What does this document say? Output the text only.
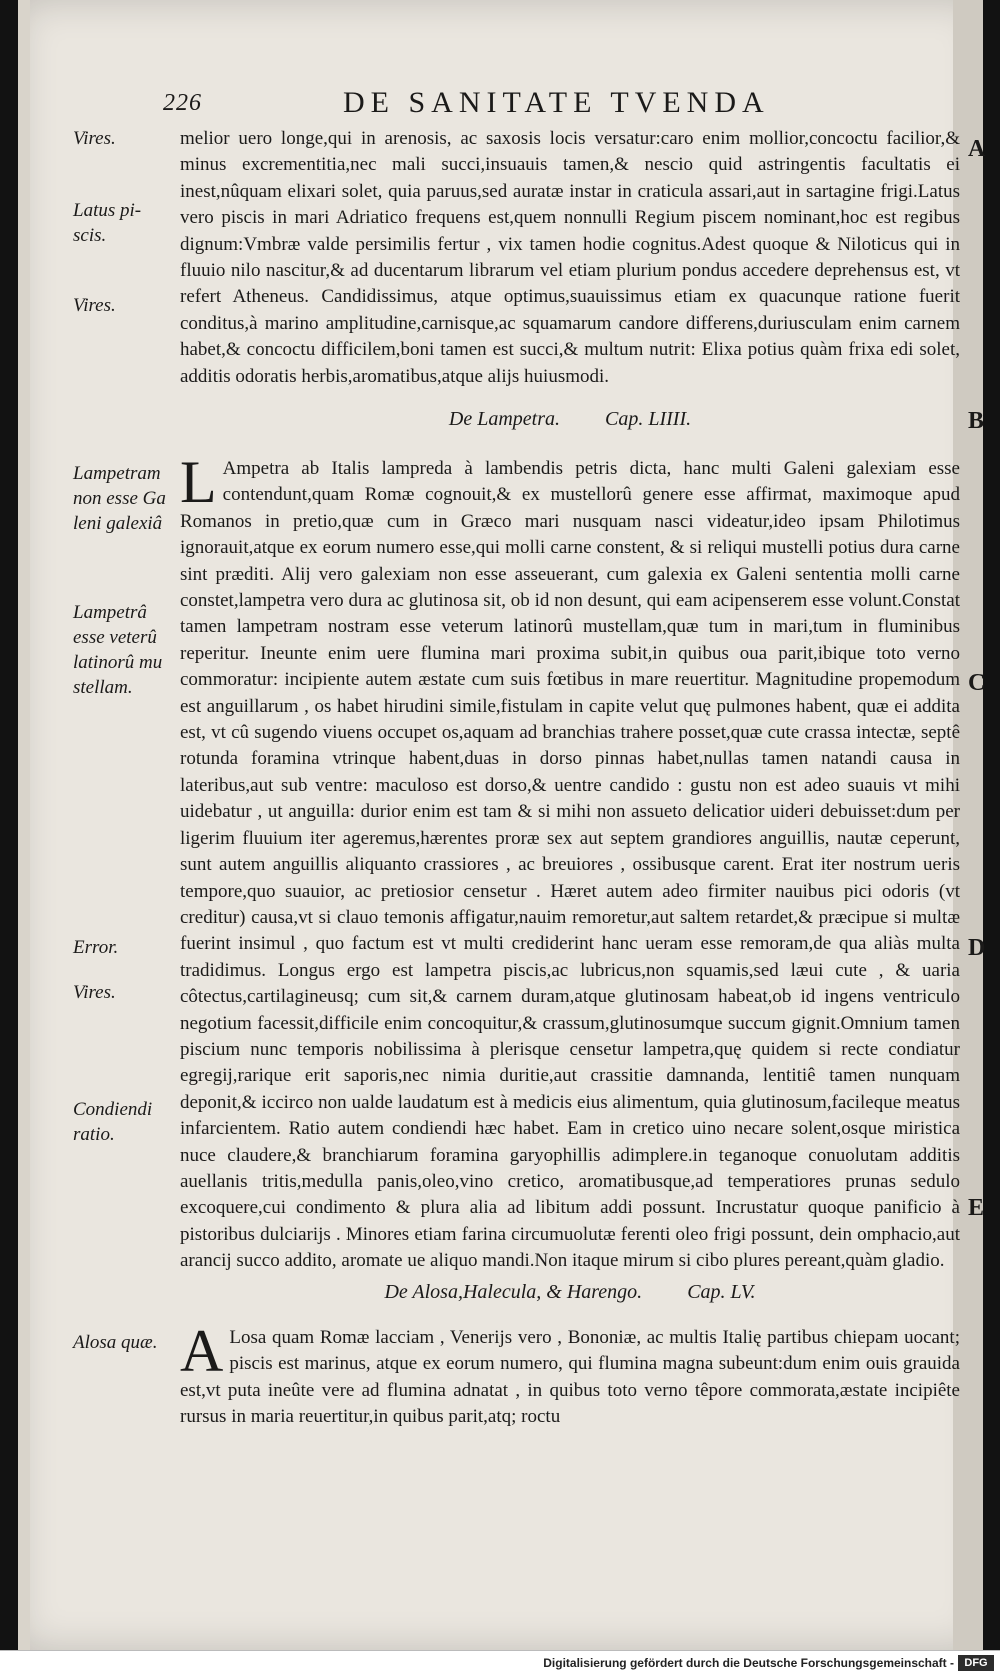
226	DE SANITATE TVENDA

melior uero longe,qui in arenosis, ac saxosis locis versatur:caro enim mollior,concoctu facilior,& minus excrementitia,nec mali succi,insuauis tamen,& nescio quid astringentis facultatis ei inest,nûquam elixari solet, quia paruus,sed auratæ instar in craticula assari,aut in sartagine frigi.Latus vero piscis in mari Adriatico frequens est,quem nonnulli Regium piscem nominant,hoc est regibus dignum:Vmbræ valde persimilis fertur , vix tamen hodie cognitus.Adest quoque & Niloticus qui in fluuio nilo nascitur,& ad ducentarum librarum vel etiam plurium pondus accedere deprehensus est, vt refert Atheneus. Candidissimus, atque optimus,suauissimus etiam ex quacunque ratione fuerit conditus,à marino amplitudine,carnisque,ac squamarum candore differens,duriusculam enim carnem habet,& concoctu difficilem,boni tamen est succi,& multum nutrit: Elixa potius quàm frixa edi solet, additis odoratis herbis,aromatibus,atque alijs huiusmodi.

De Lampetra. Cap. LIIII.

L Ampetra ab Italis lampreda à lambendis petris dicta, hanc multi Galeni galexiam esse contendunt,quam Romæ cognouit,& ex mustellorû genere esse affirmat, maximoque apud Romanos in pretio,quæ cum in Græco mari nusquam nasci videatur,ideo ipsam Philotimus ignorauit,atque ex eorum numero esse,qui molli carne constent, & si reliqui mustelli potius dura carne sint præditi. Alij vero galexiam non esse asseuerant, cum galexia ex Galeni sententia molli carne constet,lampetra vero dura ac glutinosa sit, ob id non desunt, qui eam acipenserem esse volunt.Constat tamen lampetram nostram esse veterum latinorû mustellam,quæ tum in mari,tum in fluminibus reperitur. Ineunte enim uere flumina mari proxima subit,in quibus oua parit,ibique toto verno commoratur: incipiente autem æstate cum suis fœtibus in mare reuertitur. Magnitudine propemodum est anguillarum , os habet hirudini simile,fistulam in capite velut quę pulmones habent, quæ ei addita est, vt cû sugendo viuens occupet os,aquam ad branchias trahere posset,quæ cute crassa intectæ, septê rotunda foramina vtrinque habent,duas in dorso pinnas habet,nullas tamen natandi causa in lateribus,aut sub ventre: maculoso est dorso,& uentre candido : gustu non est adeo suauis vt mihi uidebatur , ut anguilla: durior enim est tam & si mihi non assueto delicatior uideri debuisset:dum per ligerim fluuium iter ageremus,hærentes proræ sex aut septem grandiores anguillis, nautæ ceperunt, sunt autem anguillis aliquanto crassiores , ac breuiores , ossibusque carent. Erat iter nostrum ueris tempore,quo suauior, ac pretiosior censetur . Hæret autem adeo firmiter nauibus pici odoris (vt creditur) causa,vt si clauo temonis affigatur,nauim remoretur,aut saltem retardet,& præcipue si multæ fuerint insimul , quo factum est vt multi crediderint hanc ueram esse remoram,de qua aliàs multa tradidimus. Longus ergo est lampetra piscis,ac lubricus,non squamis,sed læui cute , & uaria côtectus,cartilagineusq; cum sit,& carnem duram,atque glutinosam habeat,ob id ingens ventriculo negotium facessit,difficile enim concoquitur,& crassum,glutinosumque succum gignit.Omnium tamen piscium nunc temporis nobilissima à plerisque censetur lampetra,quę quidem si recte condiatur egregij,rarique erit saporis,nec nimia duritie,aut crassitie damnanda, lentitiê tamen nunquam deponit,& iccirco non ualde laudatum est à medicis eius alimentum, quia glutinosum,facileque meatus infarcientem. Ratio autem condiendi hæc habet. Eam in cretico uino necare solent,osque miristica nuce claudere,& branchiarum foramina garyophillis adimplere.in teganoque conuolutam additis auellanis tritis,medulla panis,oleo,vino cretico, aromatibusque,ad temperatiores prunas sedulo excoquere,cui condimento & plura alia ad libitum addi possunt. Incrustatur quoque panificio à pistoribus dulciarijs . Minores etiam farina circumuolutæ ferenti oleo frigi possunt, dein omphacio,aut arancij succo addito, aromate ue aliquo mandi.Non itaque mirum si cibo plures pereant,quàm gladio.

De Alosa,Halecula, & Harengo. Cap. LV.

A Losa quam Romæ lacciam , Venerijs vero , Bononiæ, ac multis Italię partibus chiepam uocant; piscis est marinus, atque ex eorum numero, qui flumina magna subeunt:dum enim ouis grauida est,vt puta ineûte vere ad flumina adnatat , in quibus toto verno têpore commorata,æstate incipiête rursus in maria reuertitur,in quibus parit,atq; roctu

Vires.

Latus pi-
scis.

Vires.

Lampetram
non esse Ga
leni galexiâ

Lampetrâ
esse veterû
latinorû mu
stellam.

Error.

Vires.

Condiendi
ratio.

Alosa quæ.

A

B

C

D

E

Digitalisierung gefördert durch die Deutsche Forschungsgemeinschaft - DFG
